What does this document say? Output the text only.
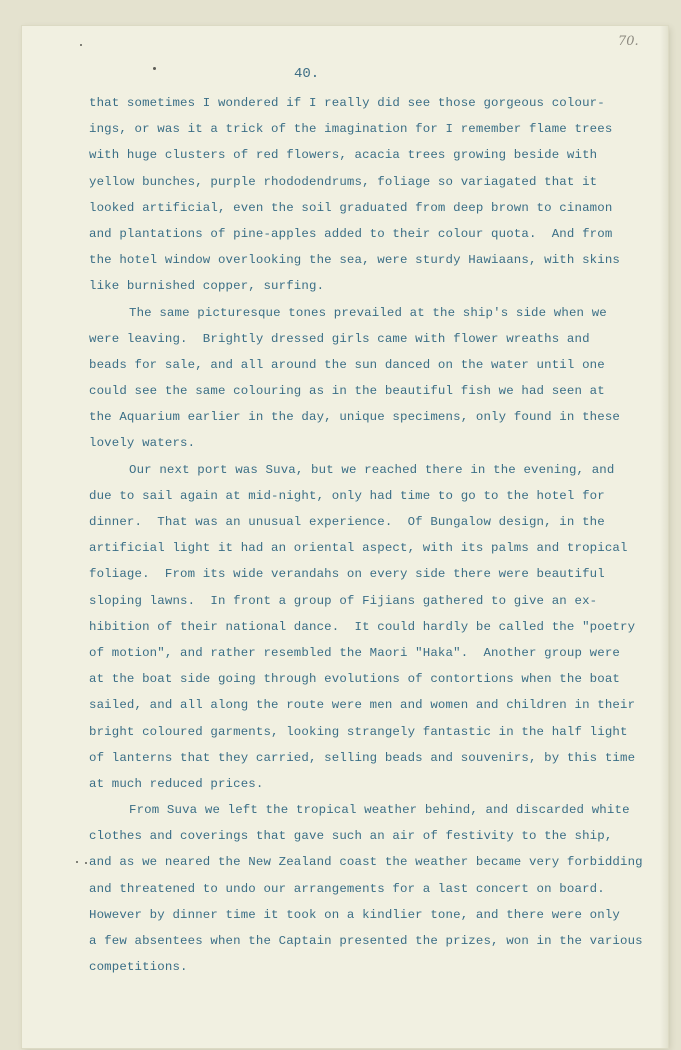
70.
40.
that sometimes I wondered if I really did see those gorgeous colour-
ings, or was it a trick of the imagination for I remember flame trees
with huge clusters of red flowers, acacia trees growing beside with
yellow bunches, purple rhododendrums, foliage so variagated that it
looked artificial, even the soil graduated from deep brown to cinamon
and plantations of pine-apples added to their colour quota.  And from
the hotel window overlooking the sea, were sturdy Hawiaans, with skins
like burnished copper, surfing.
The same picturesque tones prevailed at the ship's side when we
were leaving.  Brightly dressed girls came with flower wreaths and
beads for sale, and all around the sun danced on the water until one
could see the same colouring as in the beautiful fish we had seen at
the Aquarium earlier in the day, unique specimens, only found in these
lovely waters.
Our next port was Suva, but we reached there in the evening, and
due to sail again at mid-night, only had time to go to the hotel for
dinner.  That was an unusual experience.  Of Bungalow design, in the
artificial light it had an oriental aspect, with its palms and tropical
foliage.  From its wide verandahs on every side there were beautiful
sloping lawns.  In front a group of Fijians gathered to give an ex-
hibition of their national dance.  It could hardly be called the "poetry
of motion", and rather resembled the Maori "Haka".  Another group were
at the boat side going through evolutions of contortions when the boat
sailed, and all along the route were men and women and children in their
bright coloured garments, looking strangely fantastic in the half light
of lanterns that they carried, selling beads and souvenirs, by this time
at much reduced prices.
From Suva we left the tropical weather behind, and discarded white
clothes and coverings that gave such an air of festivity to the ship,
and as we neared the New Zealand coast the weather became very forbidding
and threatened to undo our arrangements for a last concert on board.
However by dinner time it took on a kindlier tone, and there were only
a few absentees when the Captain presented the prizes, won in the various
competitions.
